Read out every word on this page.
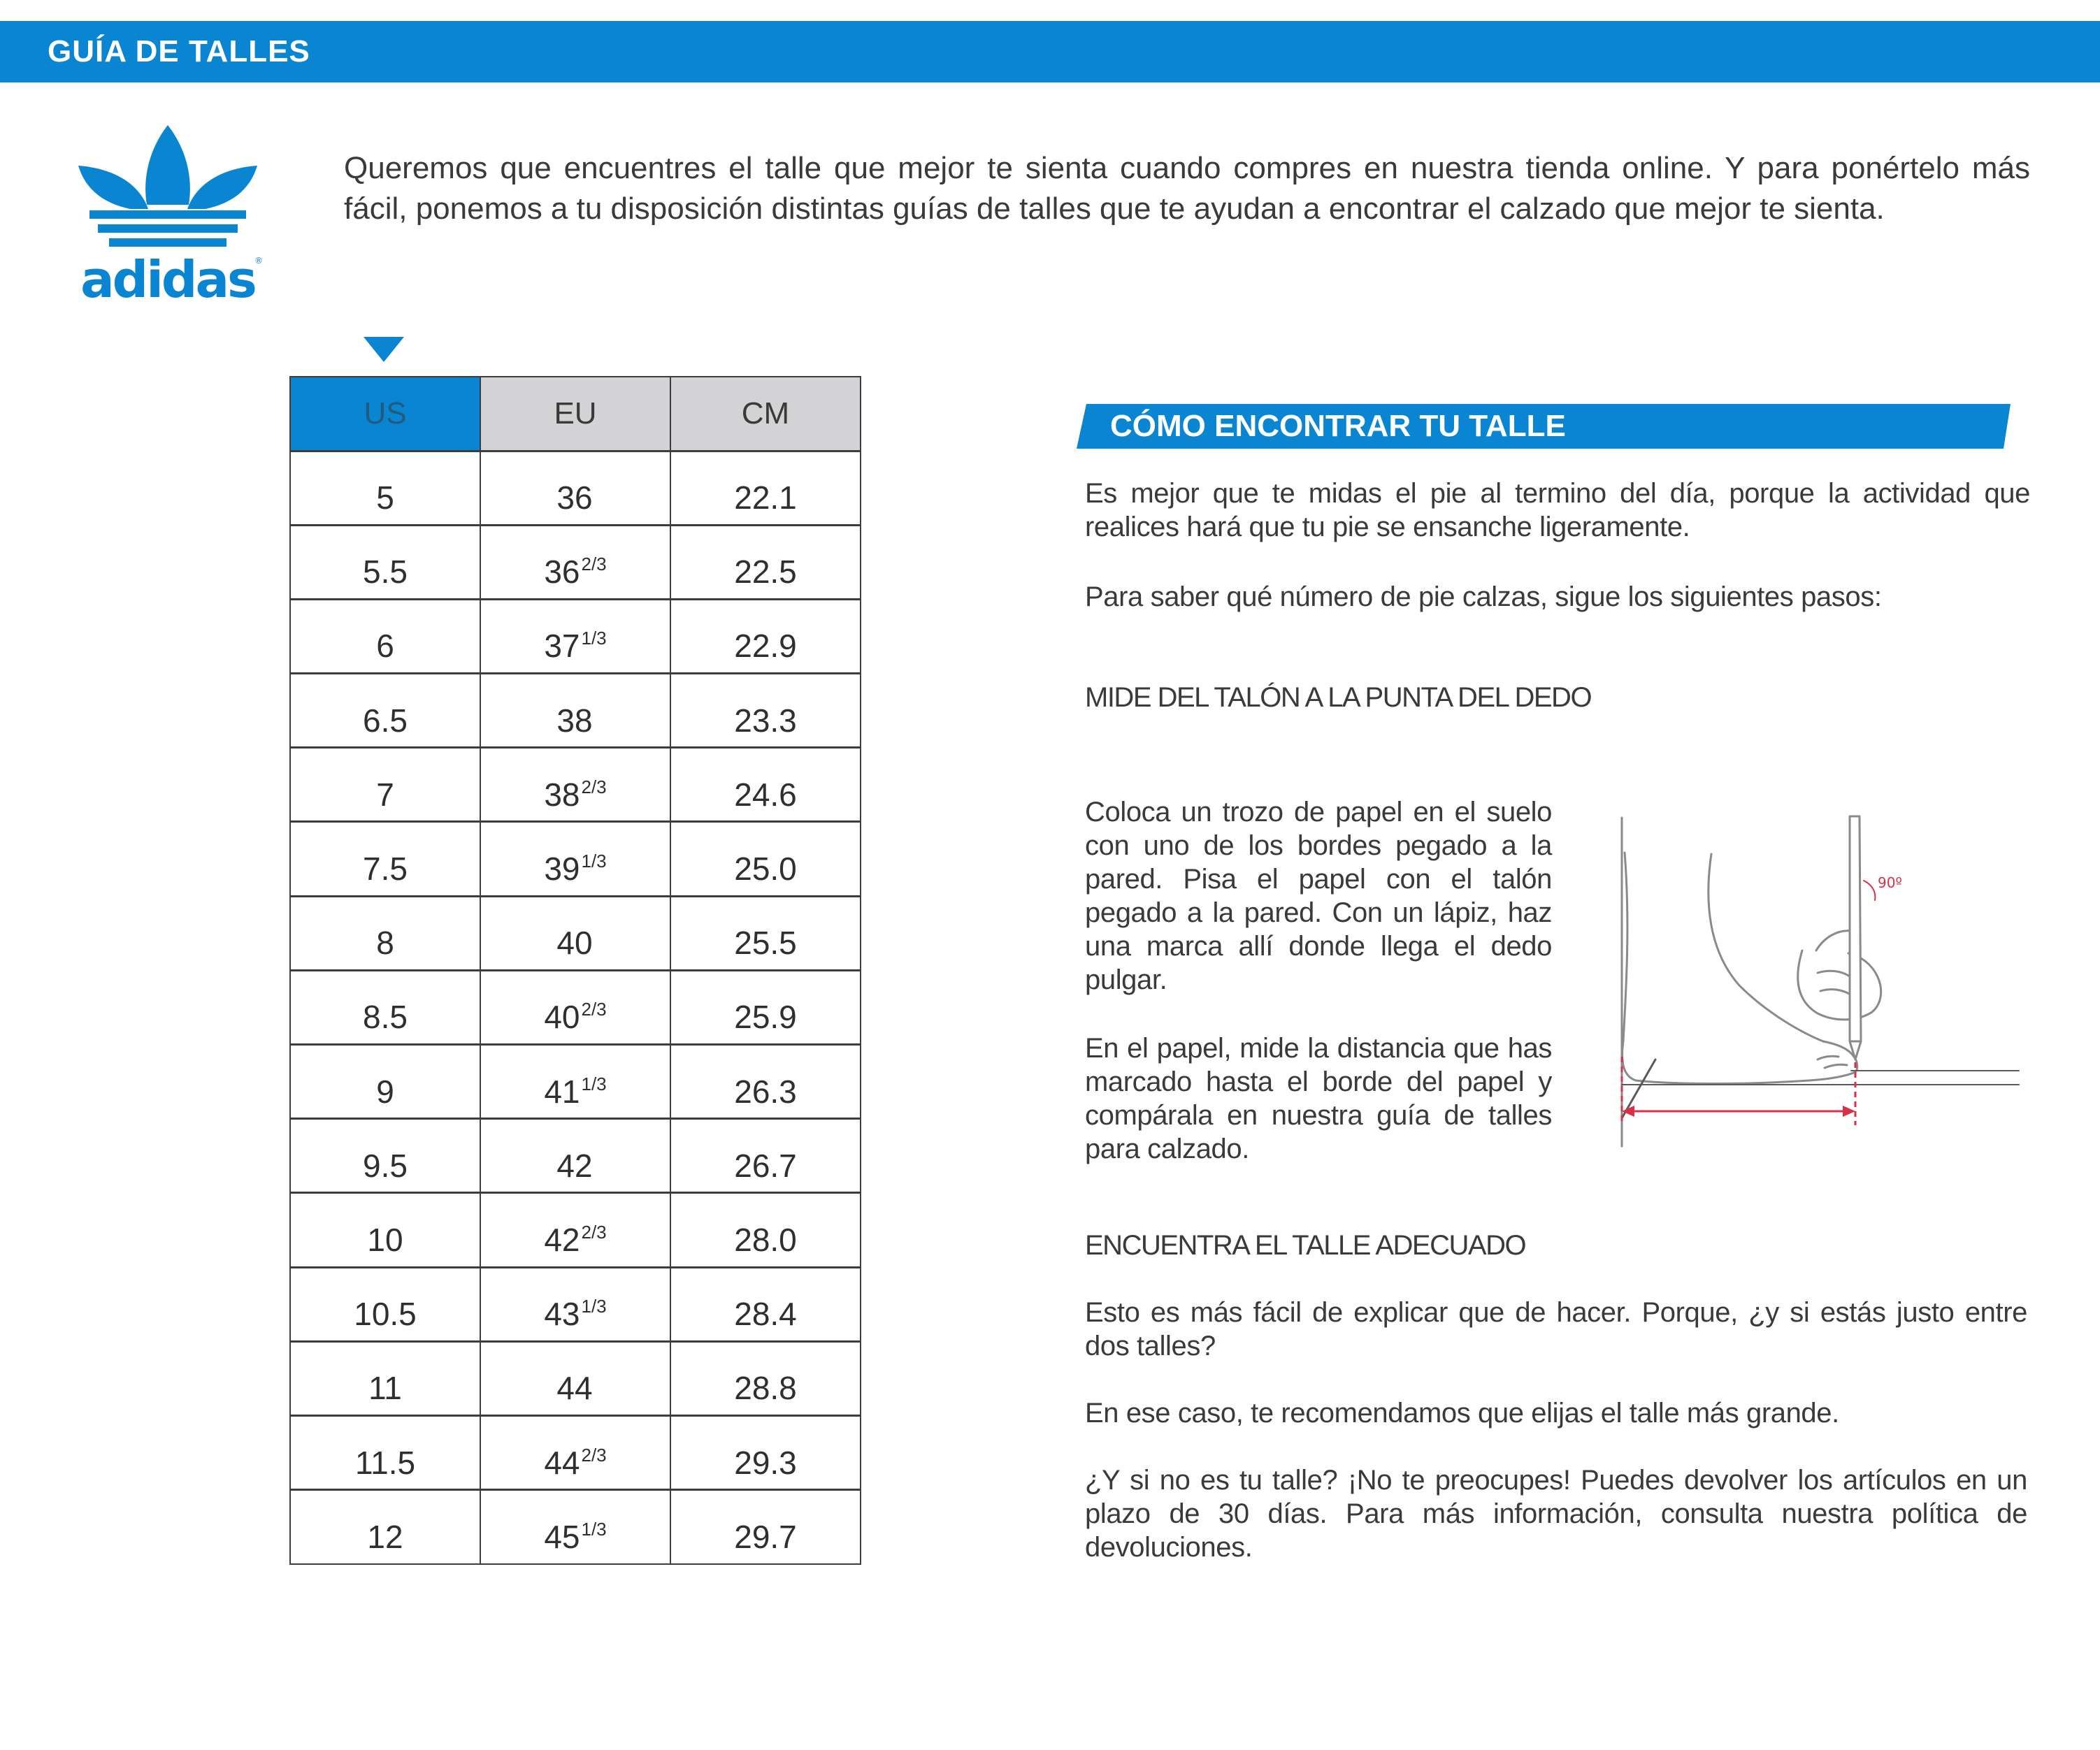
GUÍA DE TALLES
adidas ®
Queremos que encuentres el talle que mejor te sienta cuando compres en nuestra tienda online. Y para ponértelo más fácil, ponemos a tu disposición distintas guías de talles que te ayudan a encontrar el calzado que mejor te sienta.
US	EU	CM
5	36	22.1
5.5	$36^{2/3}$	22.5
6	$37^{1/3}$	22.9
6.5	38	23.3
7	$38^{2/3}$	24.6
7.5	$39^{1/3}$	25.0
8	40	25.5
8.5	$40^{2/3}$	25.9
9	$41^{1/3}$	26.3
9.5	42	26.7
10	$42^{2/3}$	28.0
10.5	$43^{1/3}$	28.4
11	44	28.8
11.5	$44^{2/3}$	29.3
12	$45^{1/3}$	29.7
CÓMO ENCONTRAR TU TALLE
Es mejor que te midas el pie al termino del día, porque la actividad que realices hará que tu pie se ensanche ligeramente.
Para saber qué número de pie calzas, sigue los siguientes pasos:
MIDE DEL TALÓN A LA PUNTA DEL DEDO
Coloca un trozo de papel en el suelo con uno de los bordes pegado a la pared. Pisa el papel con el talón pegado a la pared. Con un lápiz, haz una marca allí donde llega el dedo pulgar.
En el papel, mide la distancia que has marcado hasta el borde del papel y compárala en nuestra guía de talles para calzado.
90º
ENCUENTRA EL TALLE ADECUADO
Esto es más fácil de explicar que de hacer. Porque, ¿y si estás justo entre dos talles?
En ese caso, te recomendamos que elijas el talle más grande.
¿Y si no es tu talle? ¡No te preocupes! Puedes devolver los artículos en un plazo de 30 días. Para más información, consulta nuestra política de devoluciones.
